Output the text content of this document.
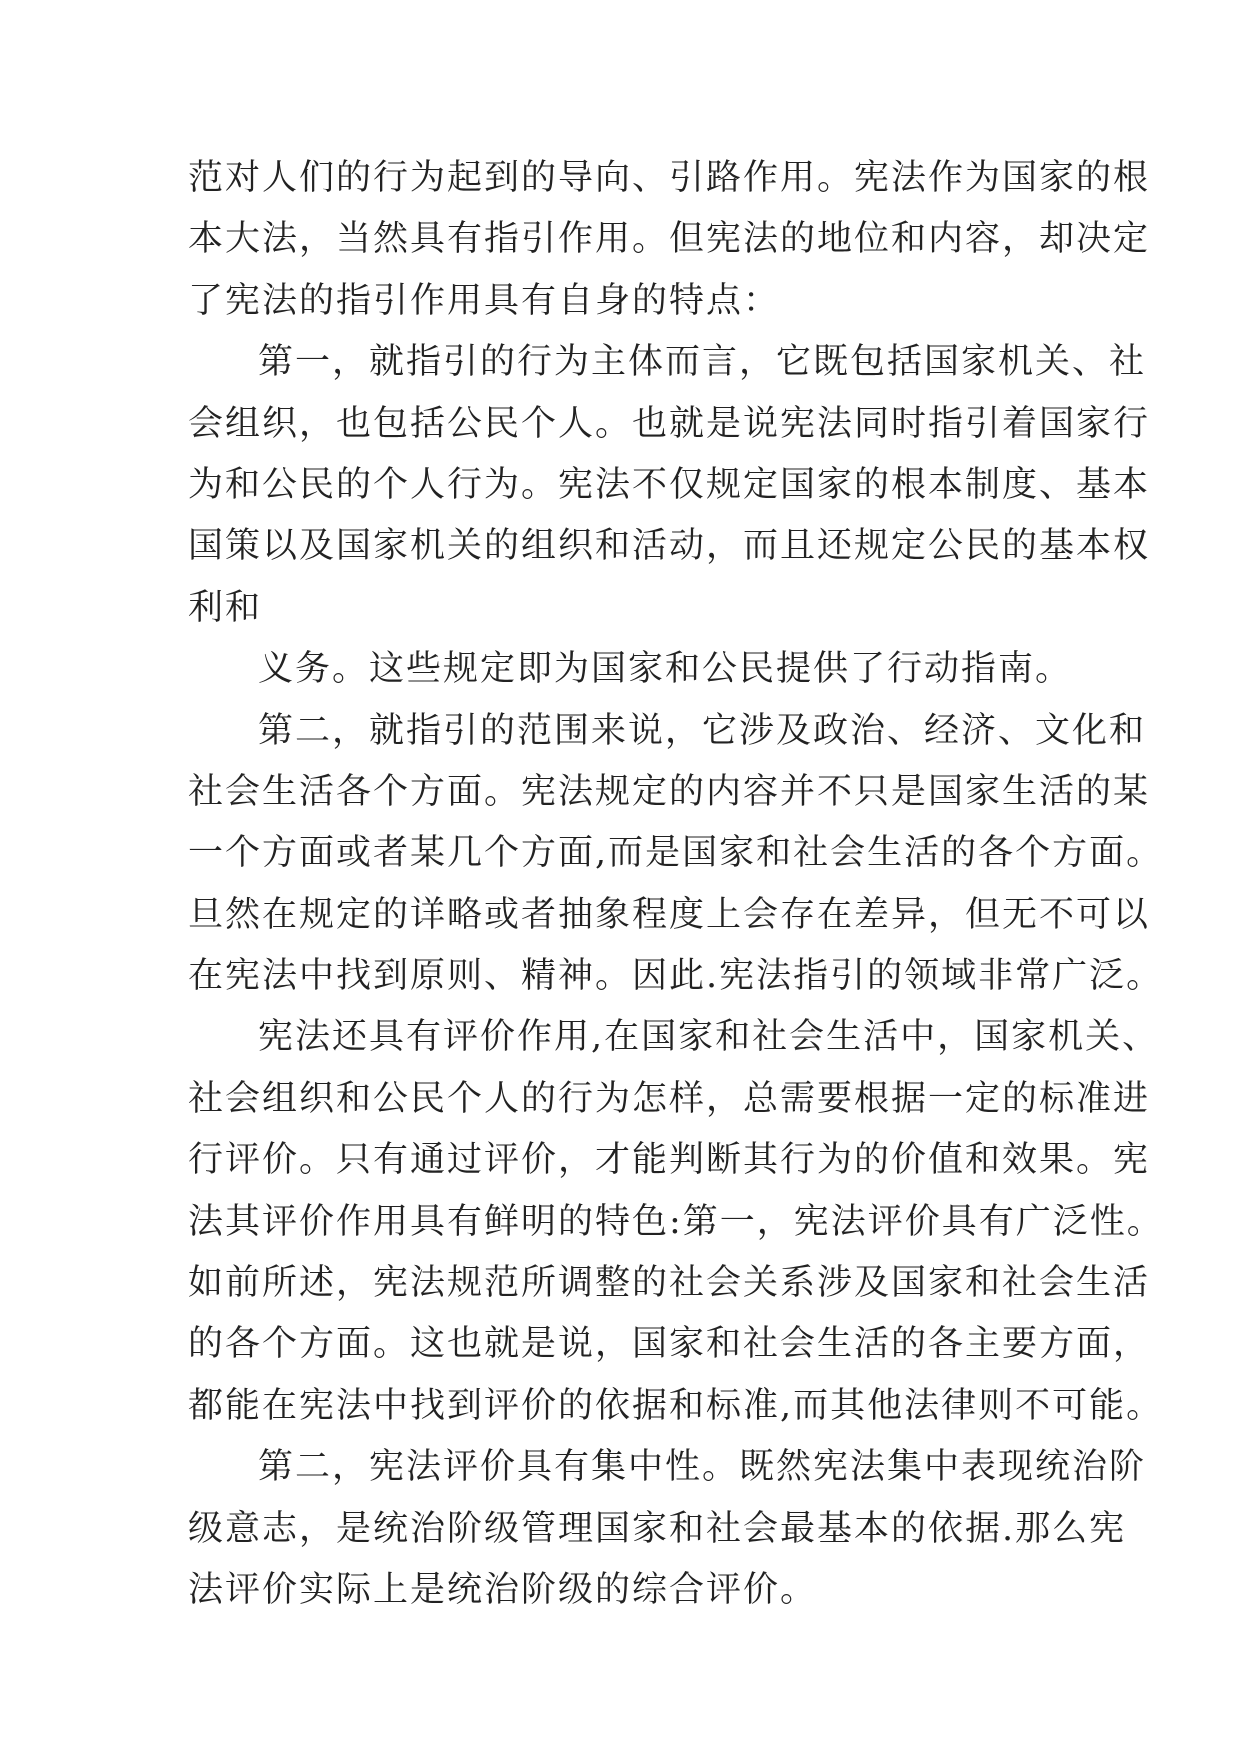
范对人们的行为起到的导向、引路作用。宪法作为国家的根
本大法，当然具有指引作用。但宪法的地位和内容，却决定
了宪法的指引作用具有自身的特点：
第一，就指引的行为主体而言，它既包括国家机关、社
会组织，也包括公民个人。也就是说宪法同时指引着国家行
为和公民的个人行为。宪法不仅规定国家的根本制度、基本
国策以及国家机关的组织和活动，而且还规定公民的基本权
利和
义务。这些规定即为国家和公民提供了行动指南。
第二，就指引的范围来说，它涉及政治、经济、文化和
社会生活各个方面。宪法规定的内容并不只是国家生活的某
一个方面或者某几个方面,而是国家和社会生活的各个方面。
旦然在规定的详略或者抽象程度上会存在差异，但无不可以
在宪法中找到原则、精神。因此.宪法指引的领域非常广泛。
宪法还具有评价作用,在国家和社会生活中，国家机关、
社会组织和公民个人的行为怎样，总需要根据一定的标准进
行评价。只有通过评价，才能判断其行为的价值和效果。宪
法其评价作用具有鲜明的特色:第一，宪法评价具有广泛性。
如前所述，宪法规范所调整的社会关系涉及国家和社会生活
的各个方面。这也就是说，国家和社会生活的各主要方面，
都能在宪法中找到评价的依据和标准,而其他法律则不可能。
第二，宪法评价具有集中性。既然宪法集中表现统治阶
级意志，是统治阶级管理国家和社会最基本的依据.那么宪
法评价实际上是统治阶级的综合评价。
